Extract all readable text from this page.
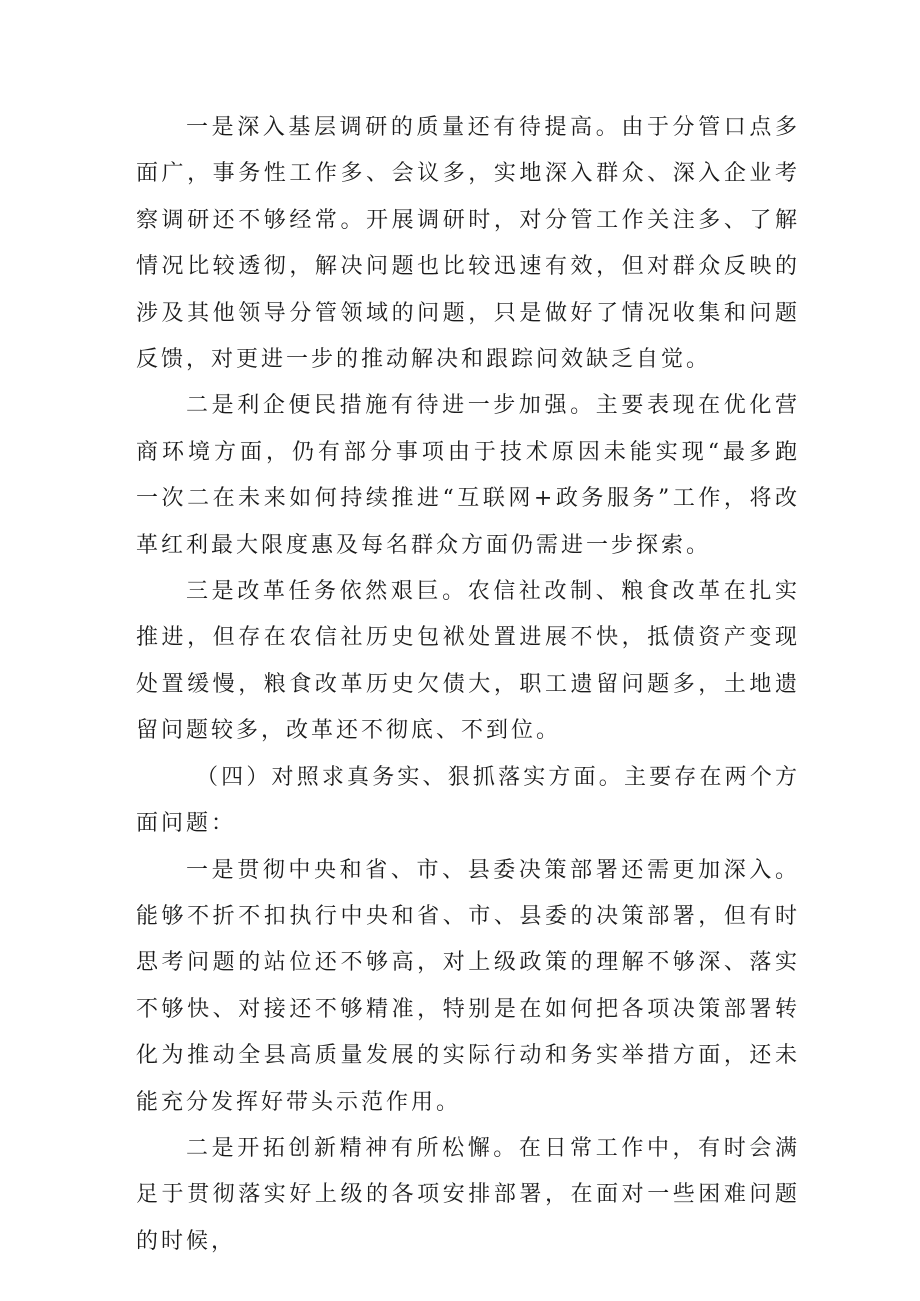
一是深入基层调研的质量还有待提高。由于分管口点多面广，事务性工作多、会议多，实地深入群众、深入企业考察调研还不够经常。开展调研时，对分管工作关注多、了解情况比较透彻，解决问题也比较迅速有效，但对群众反映的涉及其他领导分管领域的问题，只是做好了情况收集和问题反馈，对更进一步的推动解决和跟踪问效缺乏自觉。

二是利企便民措施有待进一步加强。主要表现在优化营商环境方面，仍有部分事项由于技术原因未能实现“最多跑一次二在未来如何持续推进“互联网+政务服务”工作，将改革红利最大限度惠及每名群众方面仍需进一步探索。

三是改革任务依然艰巨。农信社改制、粮食改革在扎实推进，但存在农信社历史包袱处置进展不快，抵债资产变现处置缓慢，粮食改革历史欠债大，职工遗留问题多，土地遗留问题较多，改革还不彻底、不到位。

（四）对照求真务实、狠抓落实方面。主要存在两个方面问题：

一是贯彻中央和省、市、县委决策部署还需更加深入。能够不折不扣执行中央和省、市、县委的决策部署，但有时思考问题的站位还不够高，对上级政策的理解不够深、落实不够快、对接还不够精准，特别是在如何把各项决策部署转化为推动全县高质量发展的实际行动和务实举措方面，还未能充分发挥好带头示范作用。

二是开拓创新精神有所松懈。在日常工作中，有时会满足于贯彻落实好上级的各项安排部署，在面对一些困难问题的时候，
